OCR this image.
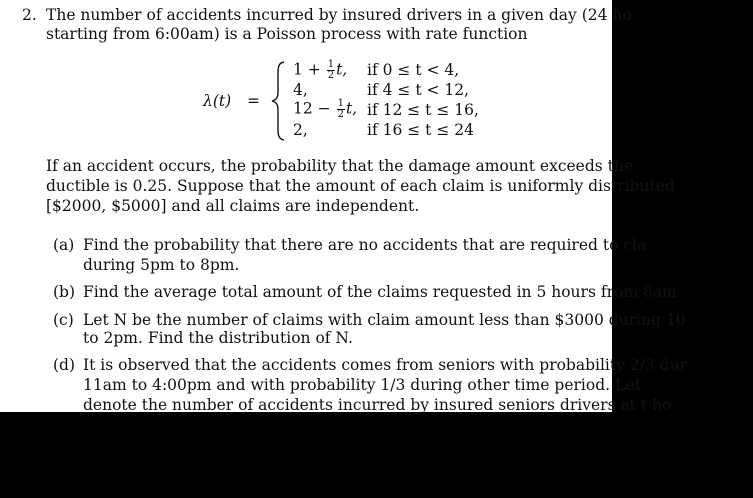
2. The number of accidents incurred by insured drivers in a given day (24 ho
starting from 6:00am) is a Poisson process with rate function
λ(t) =
$1 + \frac{1}{2} t$, if 0 ≤ t < 4,
4,	if 4 ≤ t < 12,
$12 - \frac{1}{2} t$, if 12 ≤ t ≤ 16,
2,	if 16 ≤ t ≤ 24
If an accident occurs, the probability that the damage amount exceeds the
ductible is 0.25. Suppose that the amount of each claim is uniformly distributed
[$2000, $5000] and all claims are independent.
(a) Find the probability that there are no accidents that are required to cla
during 5pm to 8pm.
(b) Find the average total amount of the claims requested in 5 hours from 8am
(c) Let N be the number of claims with claim amount less than $3000 during 10
to 2pm. Find the distribution of N.
(d) It is observed that the accidents comes from seniors with probability 2/3 dur
11am to 4:00pm and with probability 1/3 during other time period. Let
denote the number of accidents incurred by insured seniors drivers at t ho
